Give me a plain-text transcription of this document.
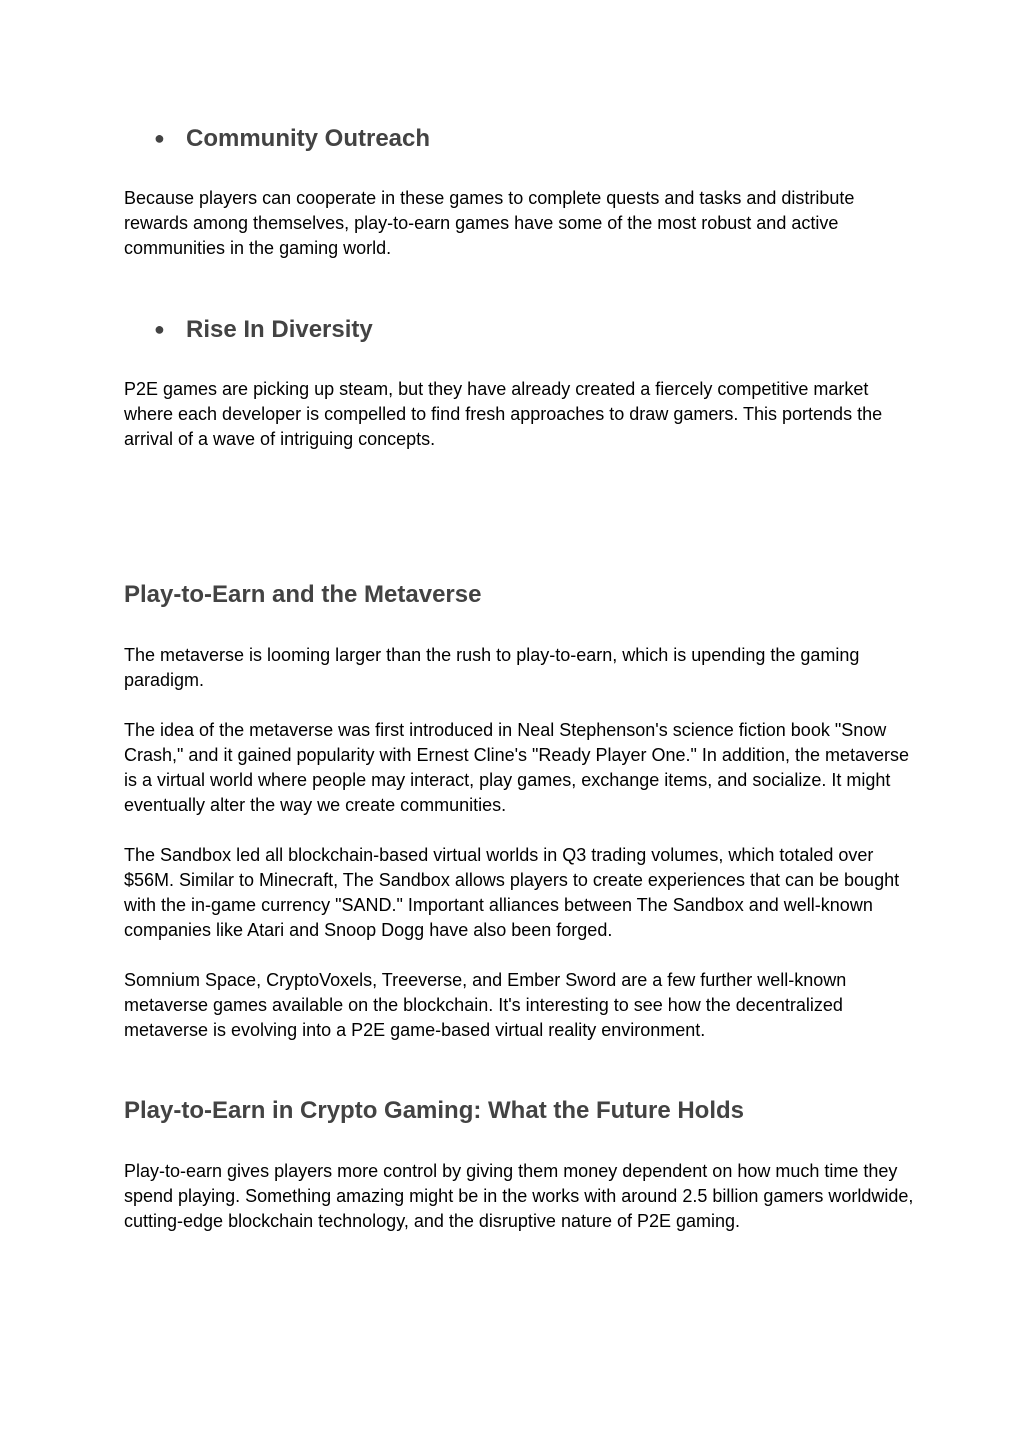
● Community Outreach

Because players can cooperate in these games to complete quests and tasks and distribute rewards among themselves, play-to-earn games have some of the most robust and active communities in the gaming world.

● Rise In Diversity

P2E games are picking up steam, but they have already created a fiercely competitive market where each developer is compelled to find fresh approaches to draw gamers. This portends the arrival of a wave of intriguing concepts.

Play-to-Earn and the Metaverse

The metaverse is looming larger than the rush to play-to-earn, which is upending the gaming paradigm.

The idea of the metaverse was first introduced in Neal Stephenson's science fiction book "Snow Crash," and it gained popularity with Ernest Cline's "Ready Player One." In addition, the metaverse is a virtual world where people may interact, play games, exchange items, and socialize. It might eventually alter the way we create communities.

The Sandbox led all blockchain-based virtual worlds in Q3 trading volumes, which totaled over $56M. Similar to Minecraft, The Sandbox allows players to create experiences that can be bought with the in-game currency "SAND." Important alliances between The Sandbox and well-known companies like Atari and Snoop Dogg have also been forged.

Somnium Space, CryptoVoxels, Treeverse, and Ember Sword are a few further well-known metaverse games available on the blockchain. It's interesting to see how the decentralized metaverse is evolving into a P2E game-based virtual reality environment.

Play-to-Earn in Crypto Gaming: What the Future Holds

Play-to-earn gives players more control by giving them money dependent on how much time they spend playing. Something amazing might be in the works with around 2.5 billion gamers worldwide, cutting-edge blockchain technology, and the disruptive nature of P2E gaming.
